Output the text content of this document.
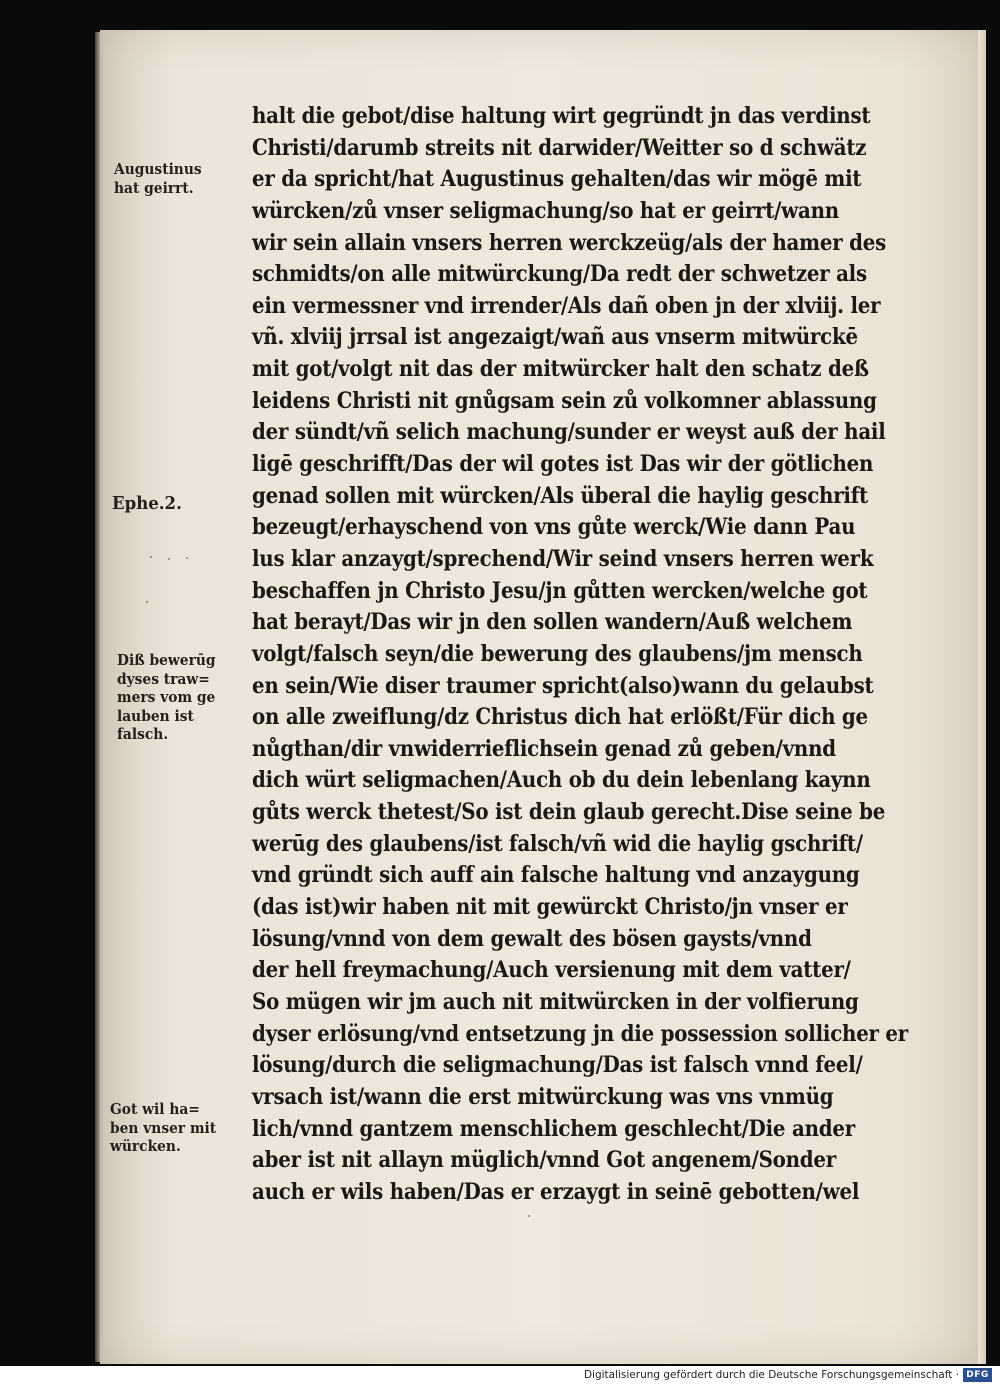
halt die gebot/dise haltung wirt gegründt jn das verdinst
Christi/darumb streits nit darwider/Weitter so d schwätz
er da spricht/hat Augustinus gehalten/das wir mögē mit
würcken/zů vnser seligmachung/so hat er geirrt/wann
wir sein allain vnsers herren werckzeüg/als der hamer des
schmidts/on alle mitwürckung/Da redt der schwetzer als
ein vermessner vnd irrender/Als dañ oben jn der xlviij. ler
vñ. xlviij jrrsal ist angezaigt/wañ aus vnserm mitwürckē
mit got/volgt nit das der mitwürcker halt den schatz deß
leidens Christi nit gnůgsam sein zů volkomner ablassung
der sündt/vñ selich machung/sunder er weyst auß der hail
ligē geschrifft/Das der wil gotes ist Das wir der götlichen
genad sollen mit würcken/Als überal die haylig geschrift
bezeugt/erhayschend von vns gůte werck/Wie dann Pau
lus klar anzaygt/sprechend/Wir seind vnsers herren werk
beschaffen jn Christo Jesu/jn gůtten wercken/welche got
hat berayt/Das wir jn den sollen wandern/Auß welchem
volgt/falsch seyn/die bewerung des glaubens/jm mensch
en sein/Wie diser traumer spricht(also)wann du gelaubst
on alle zweiflung/dz Christus dich hat erlößt/Für dich ge
nůgthan/dir vnwiderrieflichsein genad zů geben/vnnd
dich würt seligmachen/Auch ob du dein lebenlang kaynn
gůts werck thetest/So ist dein glaub gerecht.Dise seine be
werūg des glaubens/ist falsch/vñ wid die haylig gschrift/
vnd gründt sich auff ain falsche haltung vnd anzaygung
(das ist)wir haben nit mit gewürckt Christo/jn vnser er
lösung/vnnd von dem gewalt des bösen gaysts/vnnd
der hell freymachung/Auch versienung mit dem vatter/
So mügen wir jm auch nit mitwürcken in der volfierung
dyser erlösung/vnd entsetzung jn die possession sollicher er
lösung/durch die seligmachung/Das ist falsch vnnd feel/
vrsach ist/wann die erst mitwürckung was vns vnmüg
lich/vnnd gantzem menschlichem geschlecht/Die ander
aber ist nit allayn müglich/vnnd Got angenem/Sonder
auch er wils haben/Das er erzaygt in seinē gebotten/wel
Augustinus
hat geirrt.
Ephe.2.
Diß bewerūg
dyses traw=
mers vom ge
lauben ist
falsch.
Got wil ha=
ben vnser mit
würcken.
Digitalisierung gefördert durch die Deutsche Forschungsgemeinschaft · DFG
